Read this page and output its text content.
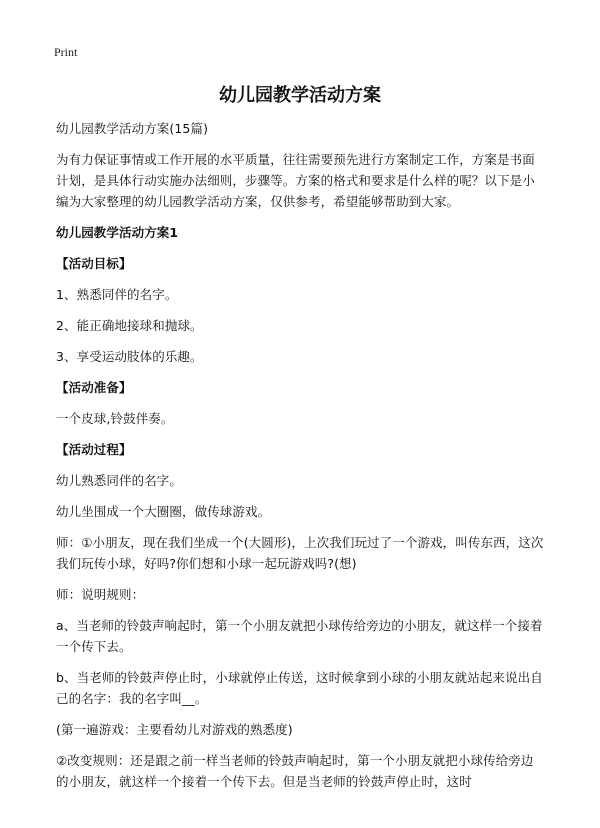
Print
幼儿园教学活动方案
幼儿园教学活动方案(15篇)
为有力保证事情或工作开展的水平质量，往往需要预先进行方案制定工作，方案是书面计划，是具体行动实施办法细则，步骤等。方案的格式和要求是什么样的呢？以下是小编为大家整理的幼儿园教学活动方案，仅供参考，希望能够帮助到大家。
幼儿园教学活动方案1
【活动目标】
1、熟悉同伴的名字。
2、能正确地接球和抛球。
3、享受运动肢体的乐趣。
【活动准备】
一个皮球,铃鼓伴奏。
【活动过程】
幼儿熟悉同伴的名字。
幼儿坐围成一个大圈圈，做传球游戏。
师：①小朋友，现在我们坐成一个(大圆形)，上次我们玩过了一个游戏，叫传东西，这次我们玩传小球，好吗?你们想和小球一起玩游戏吗?(想)
师：说明规则：
a、当老师的铃鼓声响起时，第一个小朋友就把小球传给旁边的小朋友，就这样一个接着一个传下去。
b、当老师的铃鼓声停止时，小球就停止传送，这时候拿到小球的小朋友就站起来说出自己的名字：我的名字叫__。
(第一遍游戏：主要看幼儿对游戏的熟悉度)
②改变规则：还是跟之前一样当老师的铃鼓声响起时，第一个小朋友就把小球传给旁边的小朋友，就这样一个接着一个传下去。但是当老师的铃鼓声停止时，这时
